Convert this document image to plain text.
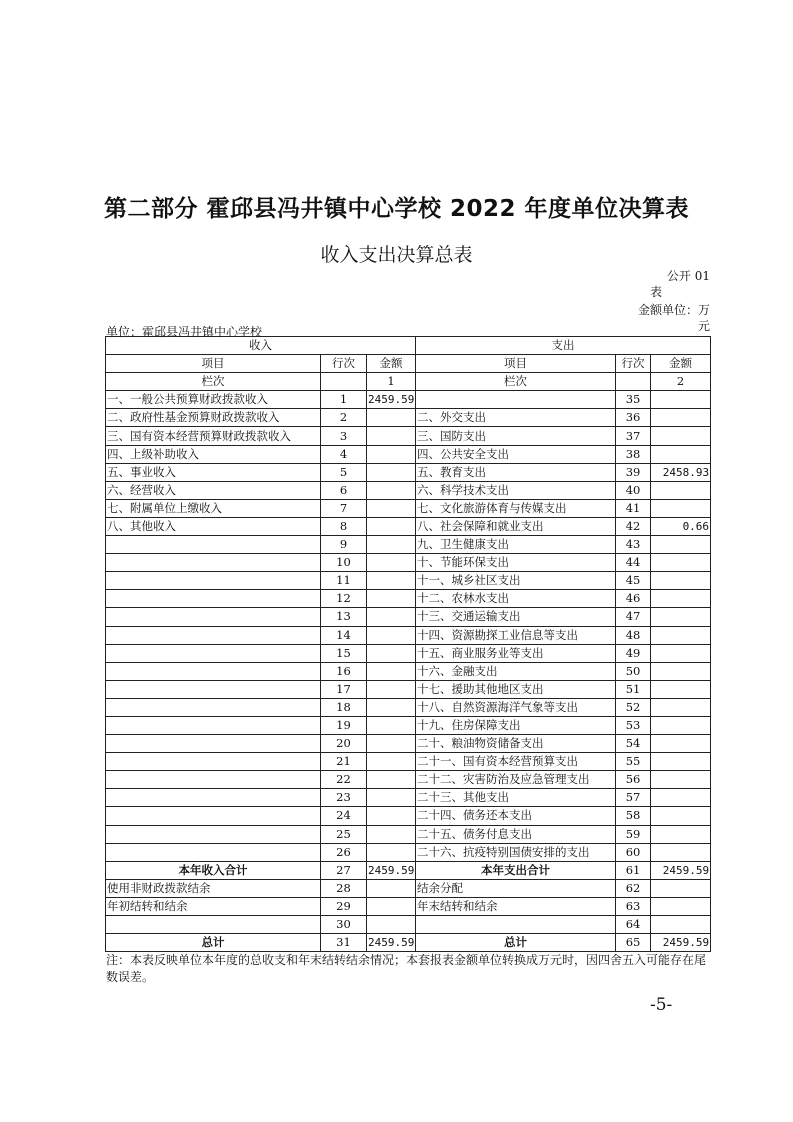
第二部分 霍邱县冯井镇中心学校 2022 年度单位决算表
收入支出决算总表
公开 01
表
金额单位：万
元
单位：霍邱县冯井镇中心学校
收入			支出		
项目	行次	金额	项目	行次	金额
栏次		1	栏次		2
一、一般公共预算财政拨款收入	1	2459.59		35	
二、政府性基金预算财政拨款收入	2		二、外交支出	36	
三、国有资本经营预算财政拨款收入	3		三、国防支出	37	
四、上级补助收入	4		四、公共安全支出	38	
五、事业收入	5		五、教育支出	39	2458.93
六、经营收入	6		六、科学技术支出	40	
七、附属单位上缴收入	7		七、文化旅游体育与传媒支出	41	
八、其他收入	8		八、社会保障和就业支出	42	0.66
	9		九、卫生健康支出	43	
	10		十、节能环保支出	44	
	11		十一、城乡社区支出	45	
	12		十二、农林水支出	46	
	13		十三、交通运输支出	47	
	14		十四、资源勘探工业信息等支出	48	
	15		十五、商业服务业等支出	49	
	16		十六、金融支出	50	
	17		十七、援助其他地区支出	51	
	18		十八、自然资源海洋气象等支出	52	
	19		十九、住房保障支出	53	
	20		二十、粮油物资储备支出	54	
	21		二十一、国有资本经营预算支出	55	
	22		二十二、灾害防治及应急管理支出	56	
	23		二十三、其他支出	57	
	24		二十四、债务还本支出	58	
	25		二十五、债务付息支出	59	
	26		二十六、抗疫特别国债安排的支出	60	
本年收入合计	27	2459.59	本年支出合计	61	2459.59
使用非财政拨款结余	28		结余分配	62	
年初结转和结余	29		年末结转和结余	63	
	30			64	
总计	31	2459.59	总计	65	2459.59
注：本表反映单位本年度的总收支和年末结转结余情况；本套报表金额单位转换成万元时，因四舍五入可能存在尾数误差。
-5-
